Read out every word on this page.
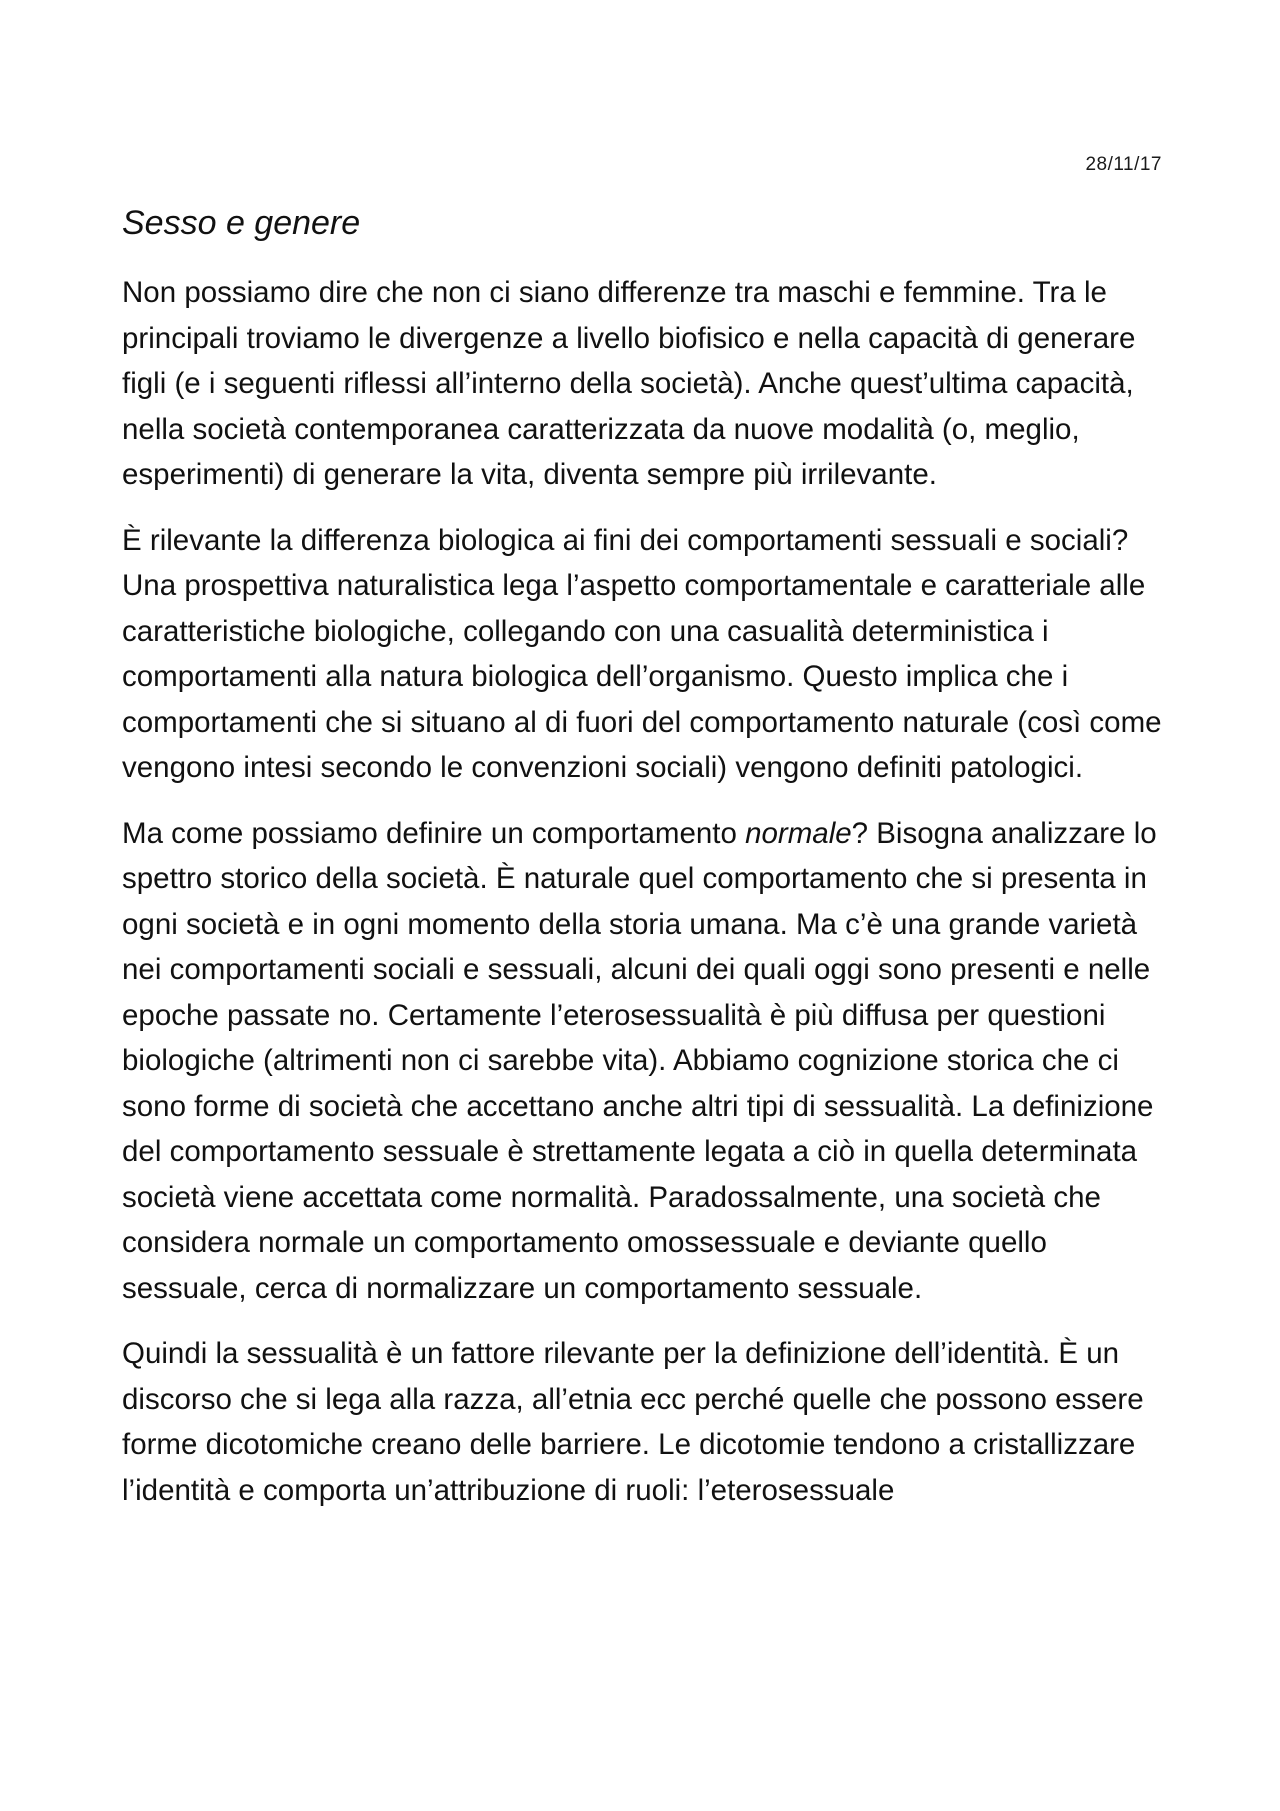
28/11/17
Sesso e genere

Non possiamo dire che non ci siano differenze tra maschi e femmine. Tra le principali troviamo le divergenze a livello biofisico e nella capacità di generare figli (e i seguenti riflessi all’interno della società). Anche quest’ultima capacità, nella società contemporanea caratterizzata da nuove modalità (o, meglio, esperimenti) di generare la vita, diventa sempre più irrilevante.

È rilevante la differenza biologica ai fini dei comportamenti sessuali e sociali? Una prospettiva naturalistica lega l’aspetto comportamentale e caratteriale alle caratteristiche biologiche, collegando con una casualità deterministica i comportamenti alla natura biologica dell’organismo. Questo implica che i comportamenti che si situano al di fuori del comportamento naturale (così come vengono intesi secondo le convenzioni sociali) vengono definiti patologici.

Ma come possiamo definire un comportamento normale? Bisogna analizzare lo spettro storico della società. È naturale quel comportamento che si presenta in ogni società e in ogni momento della storia umana. Ma c’è una grande varietà nei comportamenti sociali e sessuali, alcuni dei quali oggi sono presenti e nelle epoche passate no. Certamente l’eterosessualità è più diffusa per questioni biologiche (altrimenti non ci sarebbe vita). Abbiamo cognizione storica che ci sono forme di società che accettano anche altri tipi di sessualità. La definizione del comportamento sessuale è strettamente legata a ciò in quella determinata società viene accettata come normalità. Paradossalmente, una società che considera normale un comportamento omossessuale e deviante quello sessuale, cerca di normalizzare un comportamento sessuale.

Quindi la sessualità è un fattore rilevante per la definizione dell’identità. È un discorso che si lega alla razza, all’etnia ecc perché quelle che possono essere forme dicotomiche creano delle barriere. Le dicotomie tendono a cristallizzare l’identità e comporta un’attribuzione di ruoli: l’eterosessuale
